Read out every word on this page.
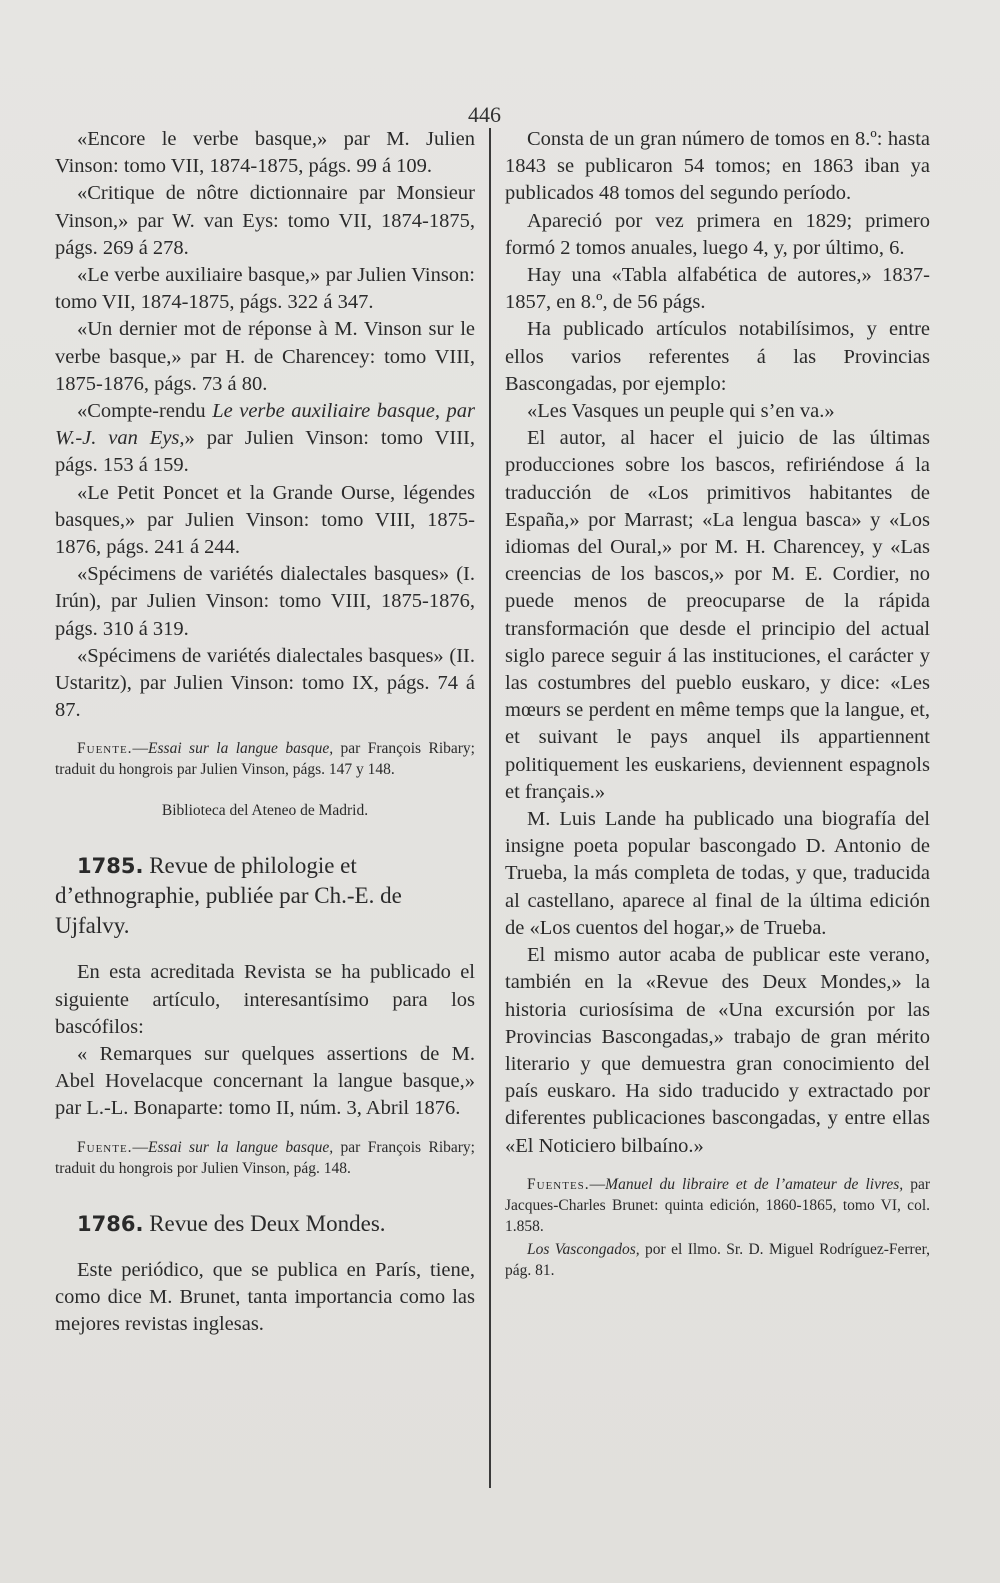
446

«Encore le verbe basque,» par M. Julien Vinson: tomo VII, 1874-1875, págs. 99 á 109.

«Critique de nôtre dictionnaire par Monsieur Vinson,» par W. van Eys: tomo VII, 1874-1875, págs. 269 á 278.

«Le verbe auxiliaire basque,» par Julien Vinson: tomo VII, 1874-1875, págs. 322 á 347.

«Un dernier mot de réponse à M. Vinson sur le verbe basque,» par H. de Charencey: tomo VIII, 1875-1876, págs. 73 á 80.

«Compte-rendu Le verbe auxiliaire basque, par W.-J. van Eys,» par Julien Vinson: tomo VIII, págs. 153 á 159.

«Le Petit Poncet et la Grande Ourse, légendes basques,» par Julien Vinson: tomo VIII, 1875-1876, págs. 241 á 244.

«Spécimens de variétés dialectales basques» (I. Irún), par Julien Vinson: tomo VIII, 1875-1876, págs. 310 á 319.

«Spécimens de variétés dialectales basques» (II. Ustaritz), par Julien Vinson: tomo IX, págs. 74 á 87.

Fuente.—Essai sur la langue basque, par François Ribary; traduit du hongrois par Julien Vinson, págs. 147 y 148.

Biblioteca del Ateneo de Madrid.

1785. Revue de philologie et d’ethnographie, publiée par Ch.-E. de Ujfalvy.

En esta acreditada Revista se ha publicado el siguiente artículo, interesantísimo para los bascófilos:

« Remarques sur quelques assertions de M. Abel Hovelacque concernant la langue basque,» par L.-L. Bonaparte: tomo II, núm. 3, Abril 1876.

Fuente.—Essai sur la langue basque, par François Ribary; traduit du hongrois por Julien Vinson, pág. 148.

1786. Revue des Deux Mondes.

Este periódico, que se publica en París, tiene, como dice M. Brunet, tanta importancia como las mejores revistas inglesas.

Consta de un gran número de tomos en 8.º: hasta 1843 se publicaron 54 tomos; en 1863 iban ya publicados 48 tomos del segundo período.

Apareció por vez primera en 1829; primero formó 2 tomos anuales, luego 4, y, por último, 6.

Hay una «Tabla alfabética de autores,» 1837-1857, en 8.º, de 56 págs.

Ha publicado artículos notabilísimos, y entre ellos varios referentes á las Provincias Bascongadas, por ejemplo:

«Les Vasques un peuple qui s’en va.»

El autor, al hacer el juicio de las últimas producciones sobre los bascos, refiriéndose á la traducción de «Los primitivos habitantes de España,» por Marrast; «La lengua basca» y «Los idiomas del Oural,» por M. H. Charencey, y «Las creencias de los bascos,» por M. E. Cordier, no puede menos de preocuparse de la rápida transformación que desde el principio del actual siglo parece seguir á las instituciones, el carácter y las costumbres del pueblo euskaro, y dice: «Les mœurs se perdent en même temps que la langue, et, et suivant le pays anquel ils appartiennent politiquement les euskariens, deviennent espagnols et français.»

M. Luis Lande ha publicado una biografía del insigne poeta popular bascongado D. Antonio de Trueba, la más completa de todas, y que, traducida al castellano, aparece al final de la última edición de «Los cuentos del hogar,» de Trueba.

El mismo autor acaba de publicar este verano, también en la «Revue des Deux Mondes,» la historia curiosísima de «Una excursión por las Provincias Bascongadas,» trabajo de gran mérito literario y que demuestra gran conocimiento del país euskaro. Ha sido traducido y extractado por diferentes publicaciones bascongadas, y entre ellas «El Noticiero bilbaíno.»

Fuentes.—Manuel du libraire et de l’amateur de livres, par Jacques-Charles Brunet: quinta edición, 1860-1865, tomo VI, col. 1.858.

Los Vascongados, por el Ilmo. Sr. D. Miguel Rodríguez-Ferrer, pág. 81.
